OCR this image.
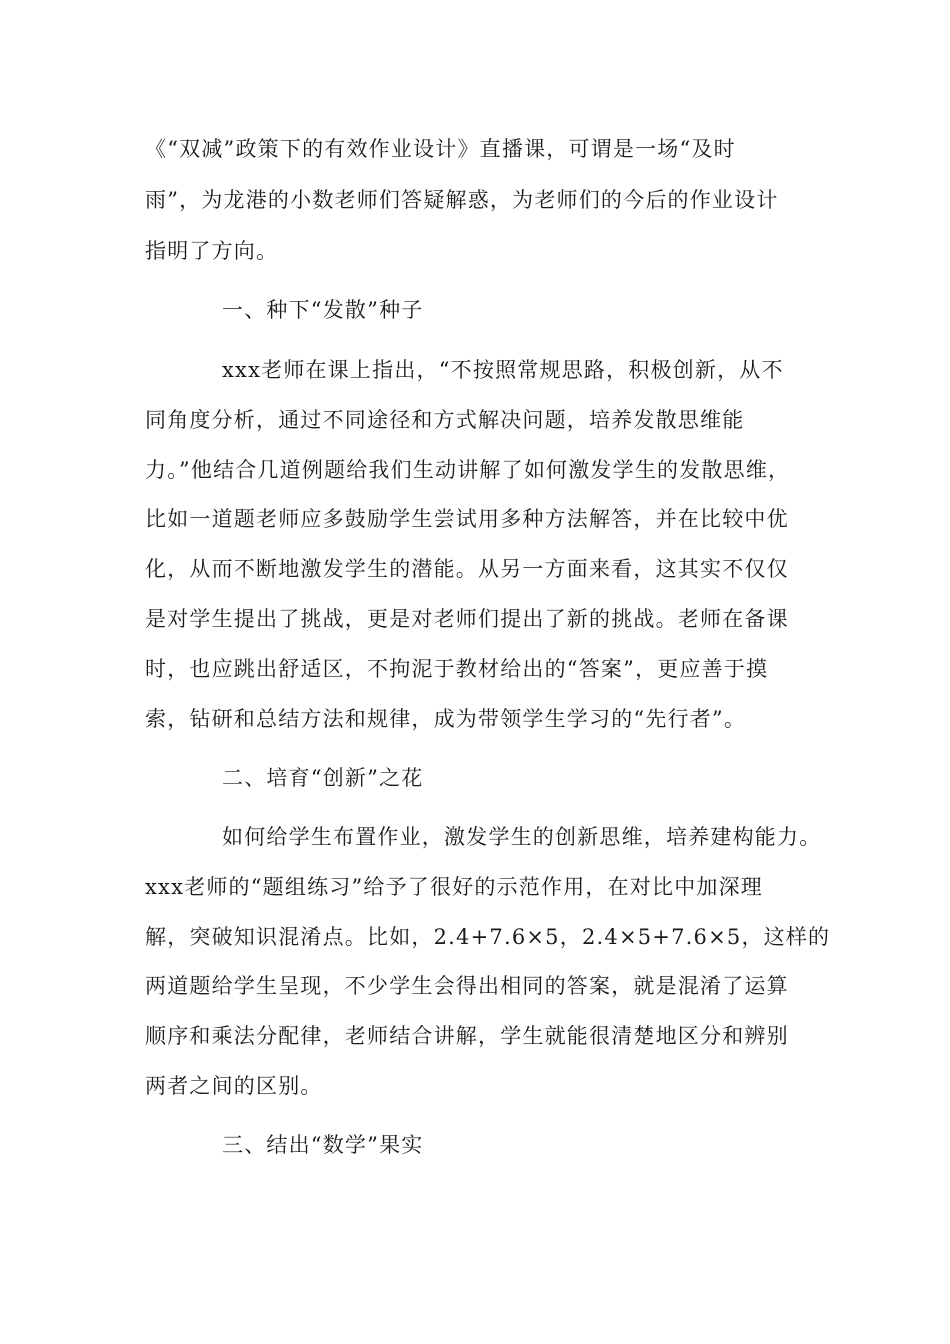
《“双减”政策下的有效作业设计》直播课，可谓是一场“及时
雨”，为龙港的小数老师们答疑解惑，为老师们的今后的作业设计
指明了方向。
一、种下“发散”种子
xxx老师在课上指出，“不按照常规思路，积极创新，从不
同角度分析，通过不同途径和方式解决问题，培养发散思维能
力。”他结合几道例题给我们生动讲解了如何激发学生的发散思维，
比如一道题老师应多鼓励学生尝试用多种方法解答，并在比较中优
化，从而不断地激发学生的潜能。从另一方面来看，这其实不仅仅
是对学生提出了挑战，更是对老师们提出了新的挑战。老师在备课
时，也应跳出舒适区，不拘泥于教材给出的“答案”，更应善于摸
索，钻研和总结方法和规律，成为带领学生学习的“先行者”。
二、培育“创新”之花
如何给学生布置作业，激发学生的创新思维，培养建构能力。
xxx老师的“题组练习”给予了很好的示范作用，在对比中加深理
解，突破知识混淆点。比如，2.4+7.6×5，2.4×5+7.6×5，这样的
两道题给学生呈现，不少学生会得出相同的答案，就是混淆了运算
顺序和乘法分配律，老师结合讲解，学生就能很清楚地区分和辨别
两者之间的区别。
三、结出“数学”果实
